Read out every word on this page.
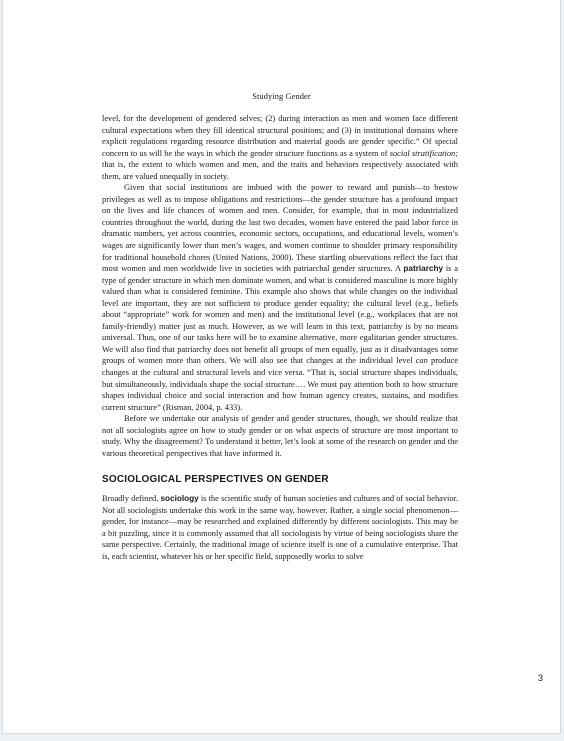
Studying Gender

level, for the development of gendered selves; (2) during interaction as men and women face different cultural expectations when they fill identical structural positions; and (3) in institutional domains where explicit regulations regarding resource distribution and material goods are gender specific.” Of special concern to us will be the ways in which the gender structure functions as a system of social stratification; that is, the extent to which women and men, and the traits and behaviors respectively associated with them, are valued unequally in society.

Given that social institutions are imbued with the power to reward and punish—to bestow privileges as well as to impose obligations and restrictions—the gender structure has a profound impact on the lives and life chances of women and men. Consider, for example, that in most industrialized countries throughout the world, during the last two decades, women have entered the paid labor force in dramatic numbers, yet across countries, economic sectors, occupations, and educational levels, women’s wages are significantly lower than men’s wages, and women continue to shoulder primary responsibility for traditional household chores (United Nations, 2000). These startling observations reflect the fact that most women and men worldwide live in societies with patriarchal gender structures. A patriarchy is a type of gender structure in which men dominate women, and what is considered masculine is more highly valued than what is considered feminine. This example also shows that while changes on the individual level are important, they are not sufficient to produce gender equality; the cultural level (e.g., beliefs about “appropriate” work for women and men) and the institutional level (e.g., workplaces that are not family-friendly) matter just as much. However, as we will learn in this text, patriarchy is by no means universal. Thus, one of our tasks here will be to examine alternative, more egalitarian gender structures. We will also find that patriarchy does not benefit all groups of men equally, just as it disadvantages some groups of women more than others. We will also see that changes at the individual level can produce changes at the cultural and structural levels and vice versa. “That is, social structure shapes individuals, but simultaneously, individuals shape the social structure…. We must pay attention both to how structure shapes individual choice and social interaction and how human agency creates, sustains, and modifies current structure” (Risman, 2004, p. 433).

Before we undertake our analysis of gender and gender structures, though, we should realize that not all sociologists agree on how to study gender or on what aspects of structure are most important to study. Why the disagreement? To understand it better, let’s look at some of the research on gender and the various theoretical perspectives that have informed it.

SOCIOLOGICAL PERSPECTIVES ON GENDER

Broadly defined, sociology is the scientific study of human societies and cultures and of social behavior. Not all sociologists undertake this work in the same way, however. Rather, a single social phenomenon—gender, for instance—may be researched and explained differently by different sociologists. This may be a bit puzzling, since it is commonly assumed that all sociologists by virtue of being sociologists share the same perspective. Certainly, the traditional image of science itself is one of a cumulative enterprise. That is, each scientist, whatever his or her specific field, supposedly works to solve

3
